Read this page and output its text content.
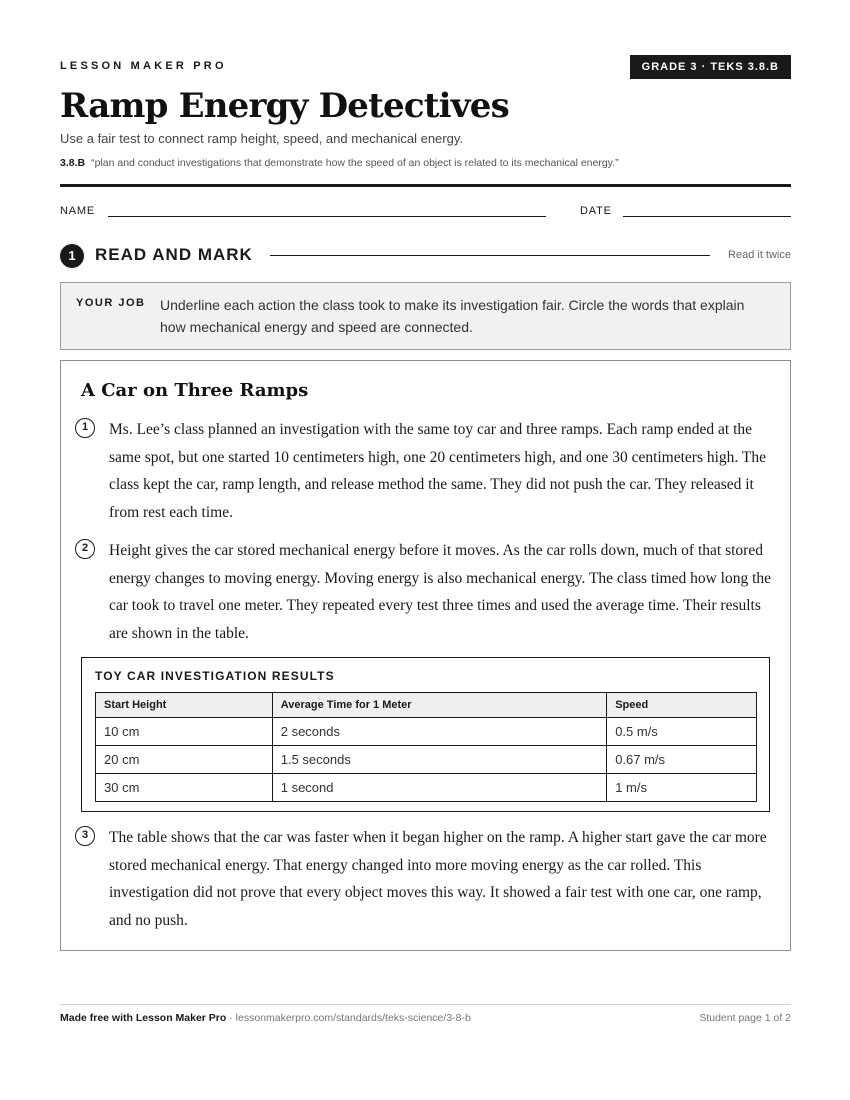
LESSON MAKER PRO	GRADE 3 · TEKS 3.8.B
Ramp Energy Detectives
Use a fair test to connect ramp height, speed, and mechanical energy.
3.8.B “plan and conduct investigations that demonstrate how the speed of an object is related to its mechanical energy.”
NAME	DATE
1	READ AND MARK	Read it twice
YOUR JOB Underline each action the class took to make its investigation fair. Circle the words that explain how mechanical energy and speed are connected.
A Car on Three Ramps
1	Ms. Lee’s class planned an investigation with the same toy car and three ramps. Each ramp ended at the same spot, but one started 10 centimeters high, one 20 centimeters high, and one 30 centimeters high. The class kept the car, ramp length, and release method the same. They did not push the car. They released it from rest each time.

2	Height gives the car stored mechanical energy before it moves. As the car rolls down, much of that stored energy changes to moving energy. Moving energy is also mechanical energy. The class timed how long the car took to travel one meter. They repeated every test three times and used the average time. Their results are shown in the table.

TOY CAR INVESTIGATION RESULTS
Start Height	Average Time for 1 Meter	Speed
10 cm	2 seconds	0.5 m/s
20 cm	1.5 seconds	0.67 m/s
30 cm	1 second	1 m/s
3	The table shows that the car was faster when it began higher on the ramp. A higher start gave the car more stored mechanical energy. That energy changed into more moving energy as the car rolled. This investigation did not prove that every object moves this way. It showed a fair test with one car, one ramp, and no push.

Made free with Lesson Maker Pro · lessonmakerpro.com/standards/teks-science/3-8-b	Student page 1 of 2
